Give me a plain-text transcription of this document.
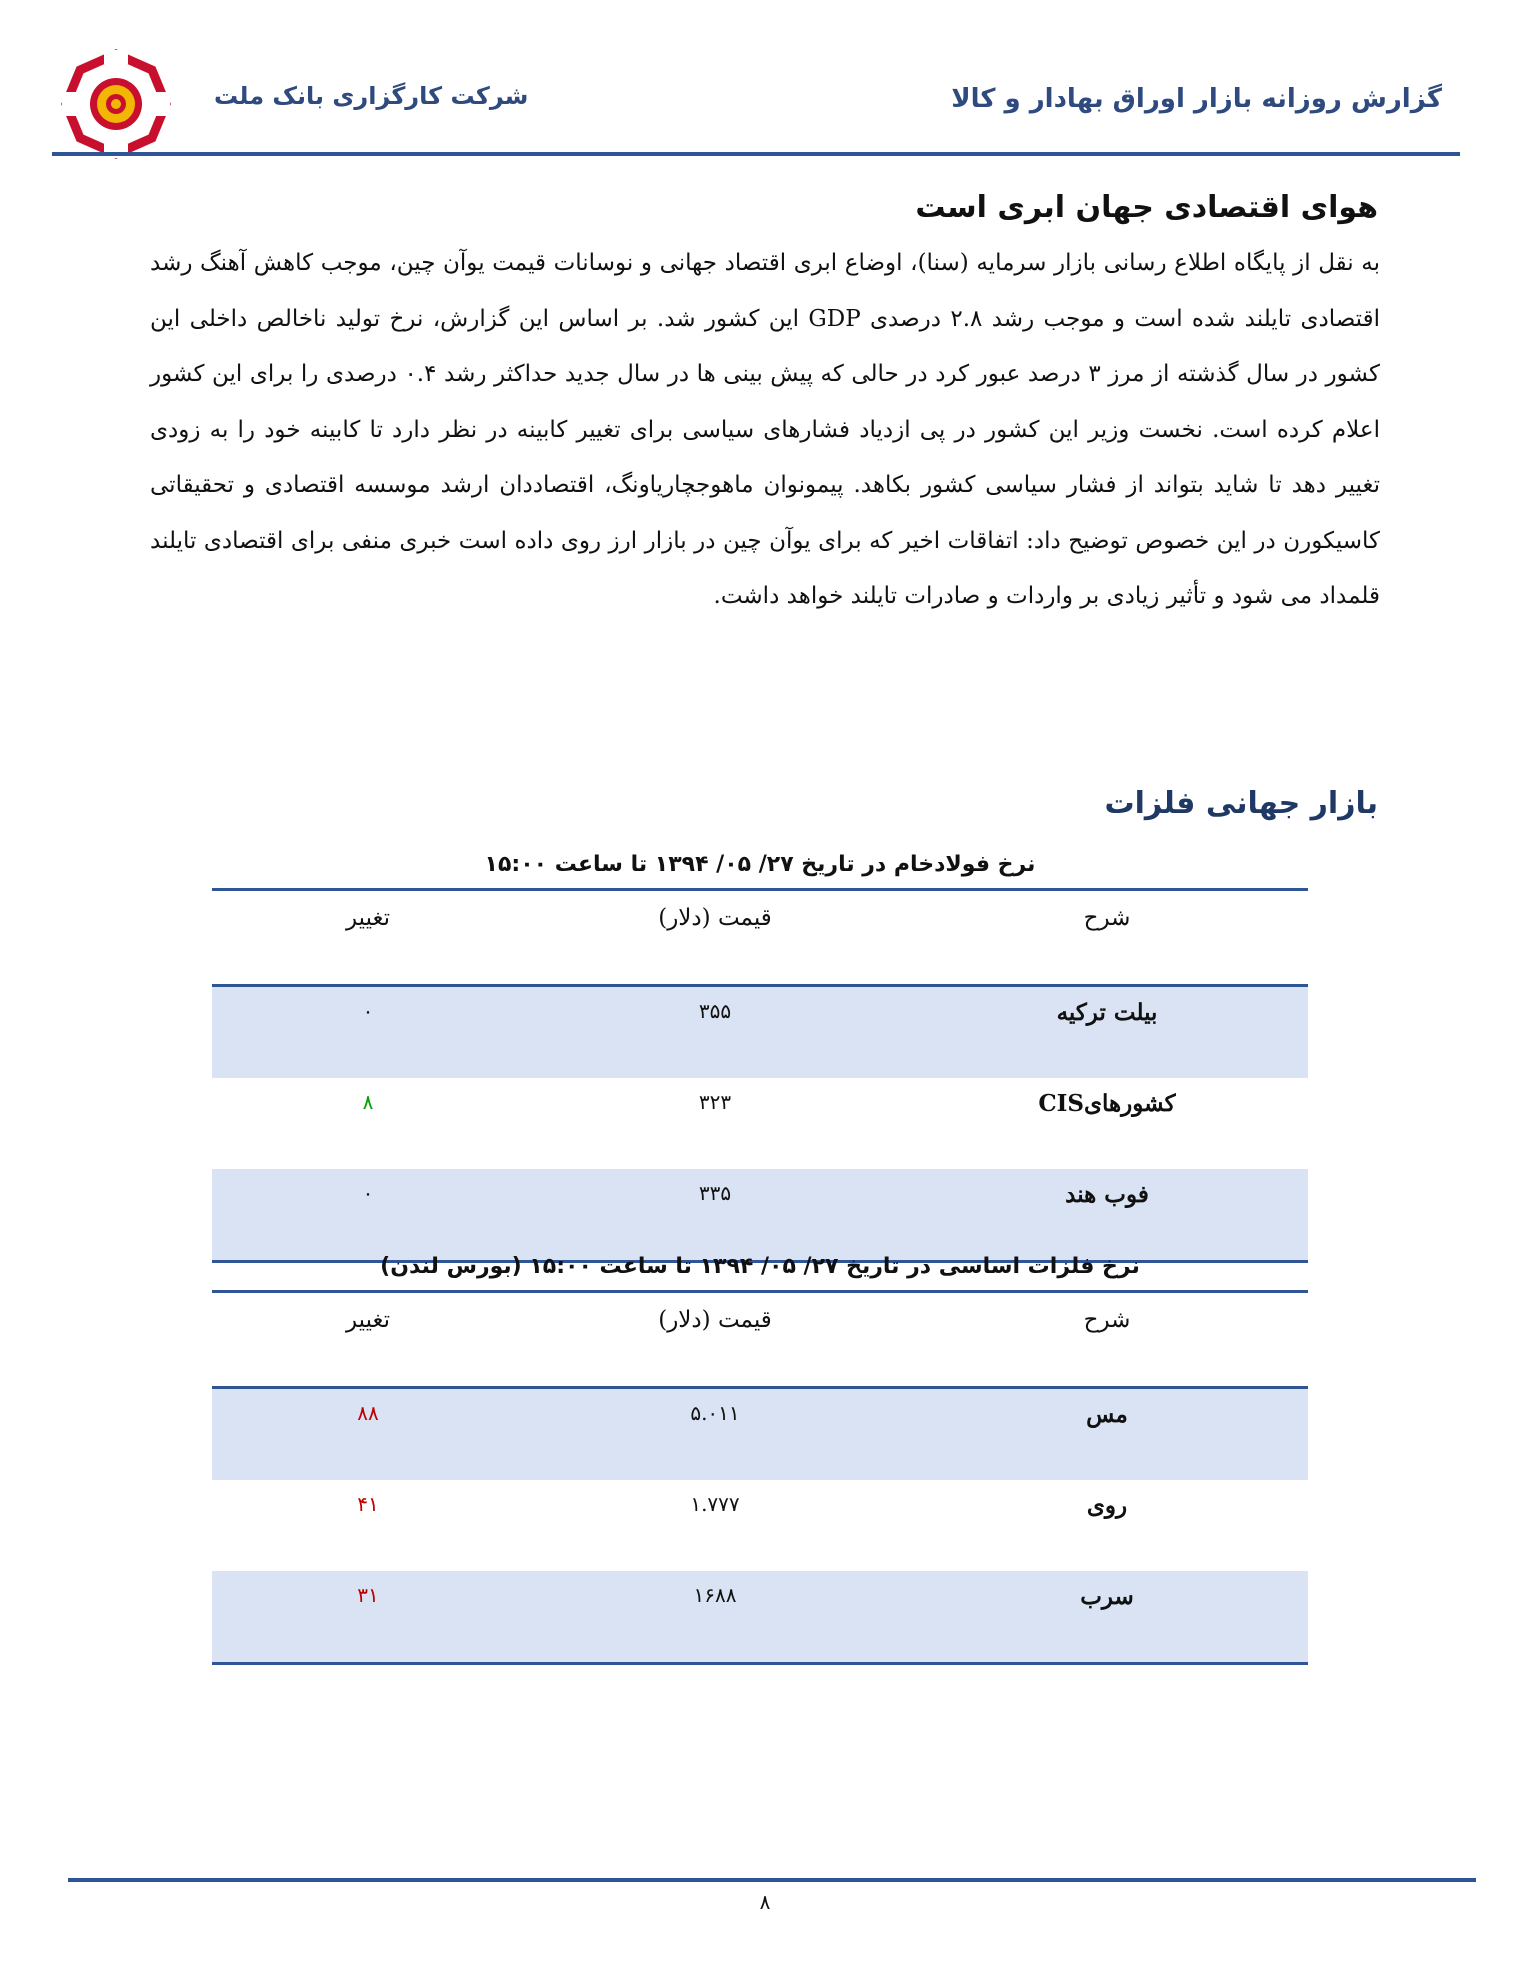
شرکت کارگزاری بانک ملت	گزارش روزانه بازار اوراق بهادار و کالا
هوای اقتصادی جهان ابری است
به نقل از پایگاه اطلاع رسانی بازار سرمایه (سنا)، اوضاع ابری اقتصاد جهانی و نوسانات قیمت یوآن چین، موجب کاهش آهنگ رشد اقتصادی تایلند شده است و موجب رشد ۲.۸ درصدی GDP این کشور شد. بر اساس این گزارش، نرخ تولید ناخالص داخلی این کشور در سال گذشته از مرز ۳ درصد عبور کرد در حالی که پیش بینی ها در سال جدید حداکثر رشد ۰.۴ درصدی را برای این کشور اعلام کرده است. نخست وزیر این کشور در پی ازدیاد فشارهای سیاسی برای تغییر کابینه در نظر دارد تا کابینه خود را به زودی تغییر دهد تا شاید بتواند از فشار سیاسی کشور بکاهد. پیمونوان ماهوجچاریاونگ، اقتصاددان ارشد موسسه اقتصادی و تحقیقاتی کاسیکورن در این خصوص توضیح داد: اتفاقات اخیر که برای یوآن چین در بازار ارز روی داده است خبری منفی برای اقتصادی تایلند قلمداد می شود و تأثیر زیادی بر واردات و صادرات تایلند خواهد داشت.
بازار جهانی فلزات
نرخ فولادخام در تاریخ ۲۷/ ۰۵/ ۱۳۹۴ تا ساعت ۱۵:۰۰
شرح	قیمت (دلار)	تغییر
بیلت ترکیه	۳۵۵	۰
کشورهایCIS	۳۲۳	۸
فوب هند	۳۳۵	۰
نرخ فلزات اساسی در تاریخ ۲۷/ ۰۵/ ۱۳۹۴ تا ساعت ۱۵:۰۰ (بورس لندن)
شرح	قیمت (دلار)	تغییر
مس	۵.۰۱۱	۸۸
روی	۱.۷۷۷	۴۱
سرب	۱۶۸۸	۳۱
۸
